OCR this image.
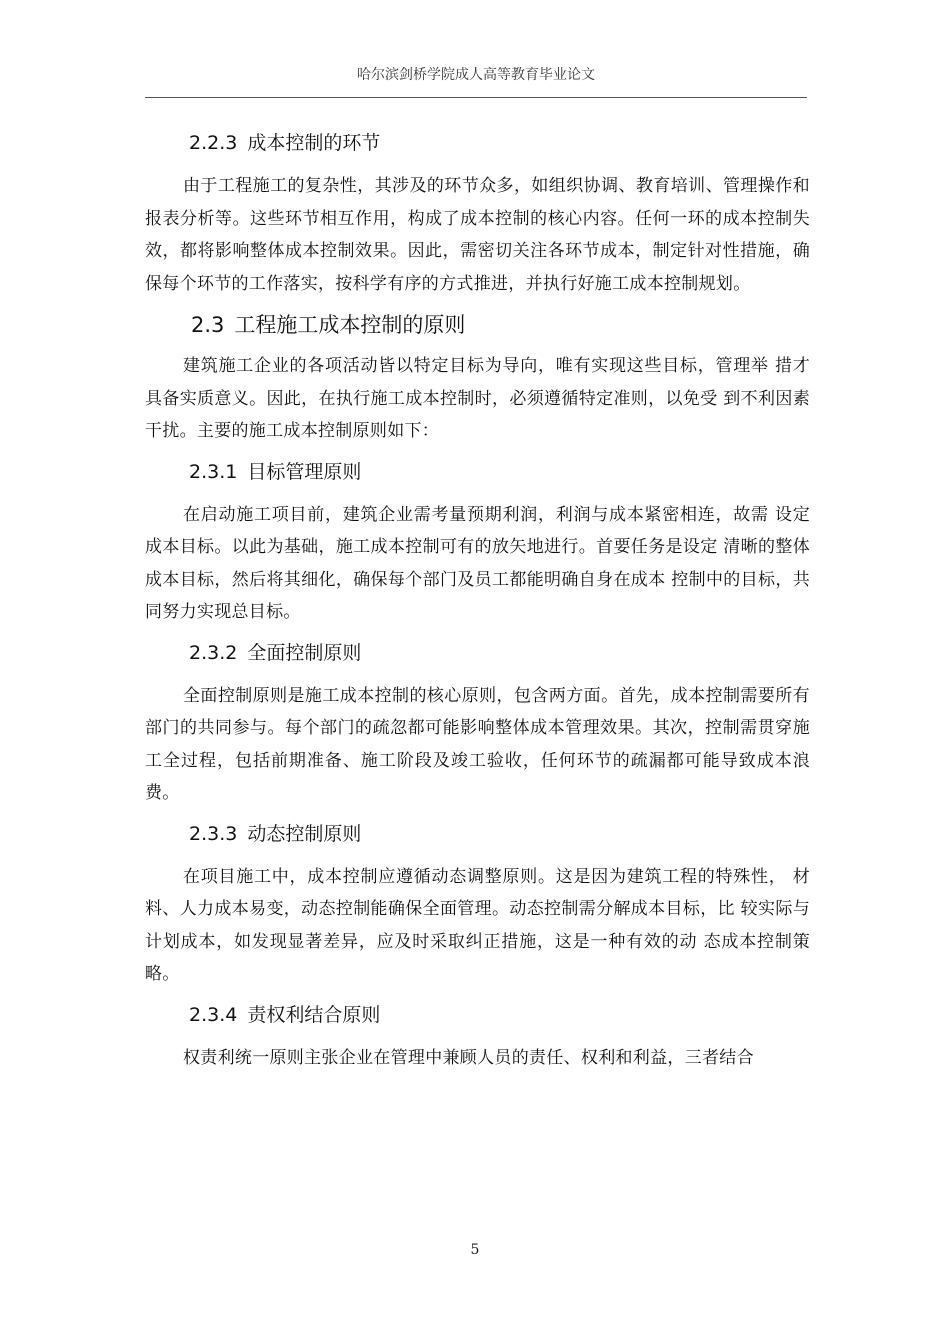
哈尔滨剑桥学院成人高等教育毕业论文
2.2.3 成本控制的环节

由于工程施工的复杂性，其涉及的环节众多，如组织协调、教育培训、管理操作和报表分析等。这些环节相互作用，构成了成本控制的核心内容。任何一环的成本控制失效，都将影响整体成本控制效果。因此，需密切关注各环节成本，制定针对性措施，确保每个环节的工作落实，按科学有序的方式推进，并执行好施工成本控制规划。

2.3 工程施工成本控制的原则

建筑施工企业的各项活动皆以特定目标为导向，唯有实现这些目标，管理举 措才具备实质意义。因此，在执行施工成本控制时，必须遵循特定准则，以免受 到不利因素干扰。主要的施工成本控制原则如下：

2.3.1 目标管理原则

在启动施工项目前，建筑企业需考量预期利润，利润与成本紧密相连，故需 设定成本目标。以此为基础，施工成本控制可有的放矢地进行。首要任务是设定 清晰的整体成本目标，然后将其细化，确保每个部门及员工都能明确自身在成本 控制中的目标，共同努力实现总目标。

2.3.2 全面控制原则

全面控制原则是施工成本控制的核心原则，包含两方面。首先，成本控制需要所有部门的共同参与。每个部门的疏忽都可能影响整体成本管理效果。其次，控制需贯穿施工全过程，包括前期准备、施工阶段及竣工验收，任何环节的疏漏都可能导致成本浪费。

2.3.3 动态控制原则

在项目施工中，成本控制应遵循动态调整原则。这是因为建筑工程的特殊性， 材料、人力成本易变，动态控制能确保全面管理。动态控制需分解成本目标，比 较实际与计划成本，如发现显著差异，应及时采取纠正措施，这是一种有效的动 态成本控制策略。

2.3.4 责权利结合原则

权责利统一原则主张企业在管理中兼顾人员的责任、权利和利益，三者结合

5
